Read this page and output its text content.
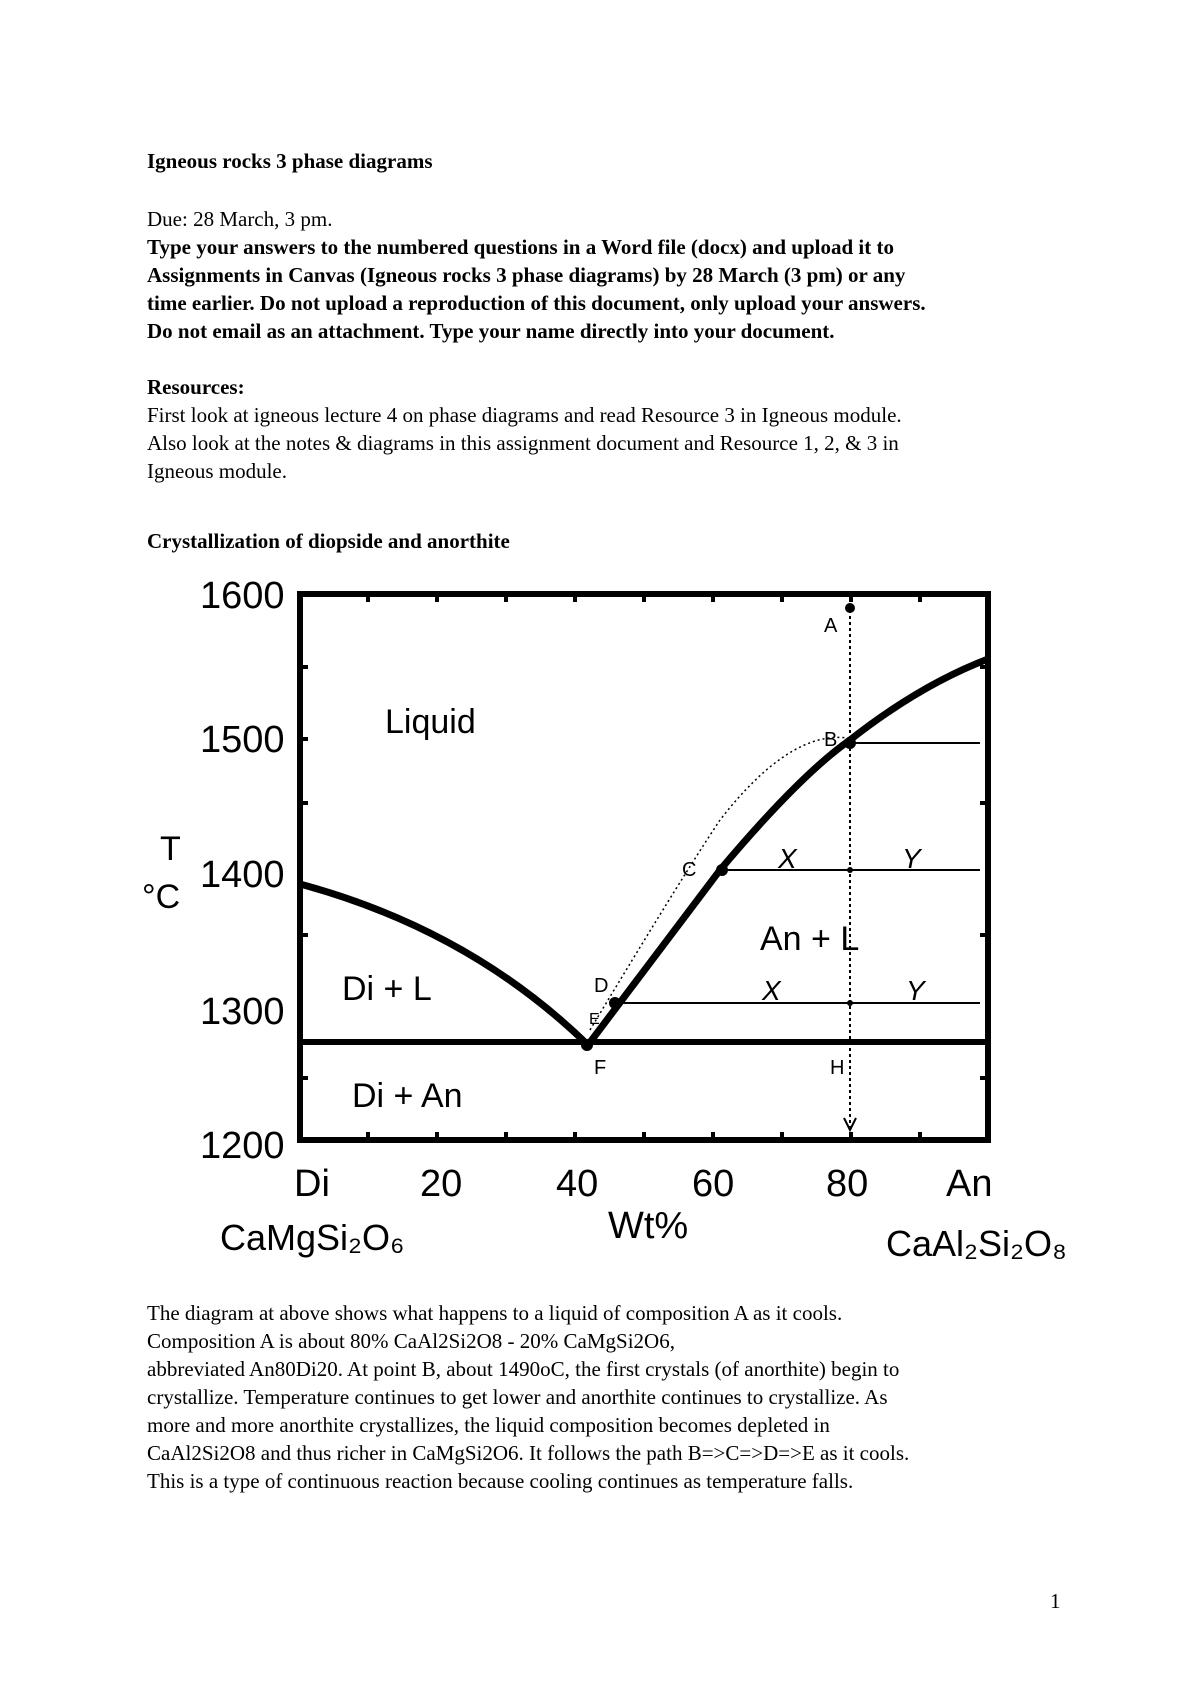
Igneous rocks 3 phase diagrams

Due: 28 March, 3 pm.

Type your answers to the numbered questions in a Word file (docx) and upload it to
Assignments in Canvas (Igneous rocks 3 phase diagrams) by 28 March (3 pm) or any
time earlier. Do not upload a reproduction of this document, only upload your answers.
Do not email as an attachment. Type your name directly into your document.

Resources:

First look at igneous lecture 4 on phase diagrams and read Resource 3 in Igneous module.
Also look at the notes & diagrams in this assignment document and Resource 1, 2, & 3 in
Igneous module.

Crystallization of diopside and anorthite

1600
1500
1400
1300
1200
Di 20 40 60 80 An
Wt%
CaMgSi₂O₆	CaAl₂Si₂O₈
T
°C
Liquid
Di + L
An + L
Di + An
A
B
C
D
E
F	H
X	Y
X	Y

The diagram at above shows what happens to a liquid of composition A as it cools.
Composition A is about 80% CaAl2Si2O8 - 20% CaMgSi2O6,
abbreviated An80Di20. At point B, about 1490oC, the first crystals (of anorthite) begin to
crystallize. Temperature continues to get lower and anorthite continues to crystallize. As
more and more anorthite crystallizes, the liquid composition becomes depleted in
CaAl2Si2O8 and thus richer in CaMgSi2O6. It follows the path B=>C=>D=>E as it cools.
This is a type of continuous reaction because cooling continues as temperature falls.

1
